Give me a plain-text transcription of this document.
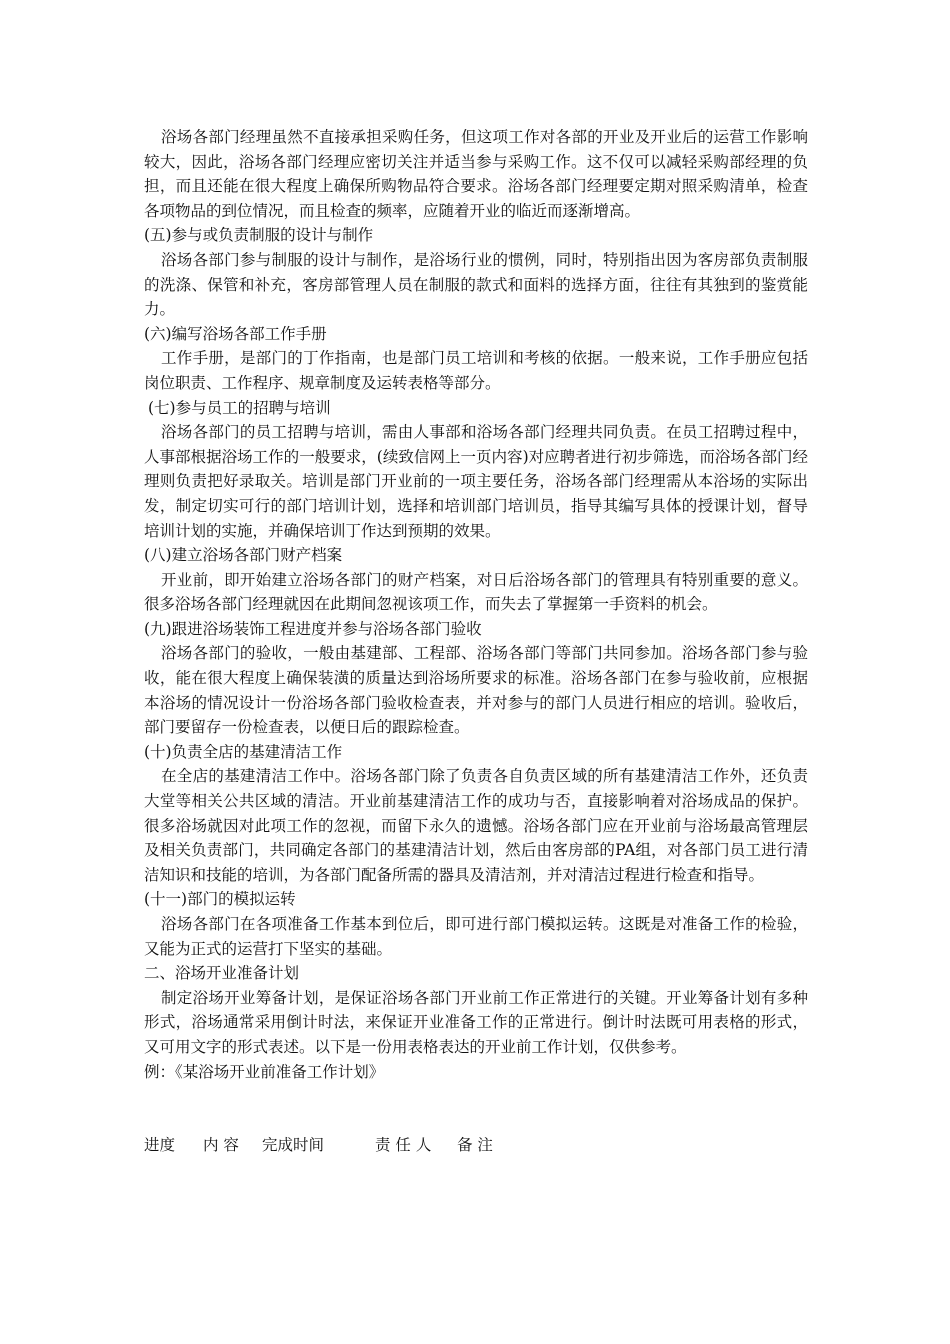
浴场各部门经理虽然不直接承担采购任务，但这项工作对各部的开业及开业后的运营工作影响较大，因此，浴场各部门经理应密切关注并适当参与采购工作。这不仅可以减轻采购部经理的负担，而且还能在很大程度上确保所购物品符合要求。浴场各部门经理要定期对照采购清单，检查各项物品的到位情况，而且检查的频率，应随着开业的临近而逐渐增高。

(五)参与或负责制服的设计与制作

浴场各部门参与制服的设计与制作，是浴场行业的惯例，同时，特别指出因为客房部负责制服的洗涤、保管和补充，客房部管理人员在制服的款式和面料的选择方面，往往有其独到的鉴赏能力。

(六)编写浴场各部工作手册

工作手册，是部门的丁作指南，也是部门员工培训和考核的依据。一般来说，工作手册应包括岗位职责、工作程序、规章制度及运转表格等部分。

(七)参与员工的招聘与培训

浴场各部门的员工招聘与培训，需由人事部和浴场各部门经理共同负责。在员工招聘过程中，人事部根据浴场工作的一般要求，(续致信网上一页内容)对应聘者进行初步筛选，而浴场各部门经理则负责把好录取关。培训是部门开业前的一项主要任务，浴场各部门经理需从本浴场的实际出发，制定切实可行的部门培训计划，选择和培训部门培训员，指导其编写具体的授课计划，督导培训计划的实施，并确保培训丁作达到预期的效果。

(八)建立浴场各部门财产档案

开业前，即开始建立浴场各部门的财产档案，对日后浴场各部门的管理具有特别重要的意义。很多浴场各部门经理就因在此期间忽视该项工作，而失去了掌握第一手资料的机会。

(九)跟进浴场装饰工程进度并参与浴场各部门验收

浴场各部门的验收，一般由基建部、工程部、浴场各部门等部门共同参加。浴场各部门参与验收，能在很大程度上确保装潢的质量达到浴场所要求的标准。浴场各部门在参与验收前，应根据本浴场的情况设计一份浴场各部门验收检查表，并对参与的部门人员进行相应的培训。验收后，部门要留存一份检查表，以便日后的跟踪检查。

(十)负责全店的基建清洁工作

在全店的基建清洁工作中。浴场各部门除了负责各自负责区域的所有基建清洁工作外，还负责大堂等相关公共区域的清洁。开业前基建清洁工作的成功与否，直接影响着对浴场成品的保护。很多浴场就因对此项工作的忽视，而留下永久的遗憾。浴场各部门应在开业前与浴场最高管理层及相关负责部门，共同确定各部门的基建清洁计划，然后由客房部的PA组，对各部门员工进行清洁知识和技能的培训，为各部门配备所需的器具及清洁剂，并对清洁过程进行检查和指导。

(十一)部门的模拟运转

浴场各部门在各项准备工作基本到位后，即可进行部门模拟运转。这既是对准备工作的检验，又能为正式的运营打下坚实的基础。

二、浴场开业准备计划

制定浴场开业筹备计划，是保证浴场各部门开业前工作正常进行的关键。开业筹备计划有多种形式，浴场通常采用倒计时法，来保证开业准备工作的正常进行。倒计时法既可用表格的形式，又可用文字的形式表述。以下是一份用表格表达的开业前工作计划，仅供参考。

例：《某浴场开业前准备工作计划》

进度 内 容 完成时间	责 任 人 备 注
